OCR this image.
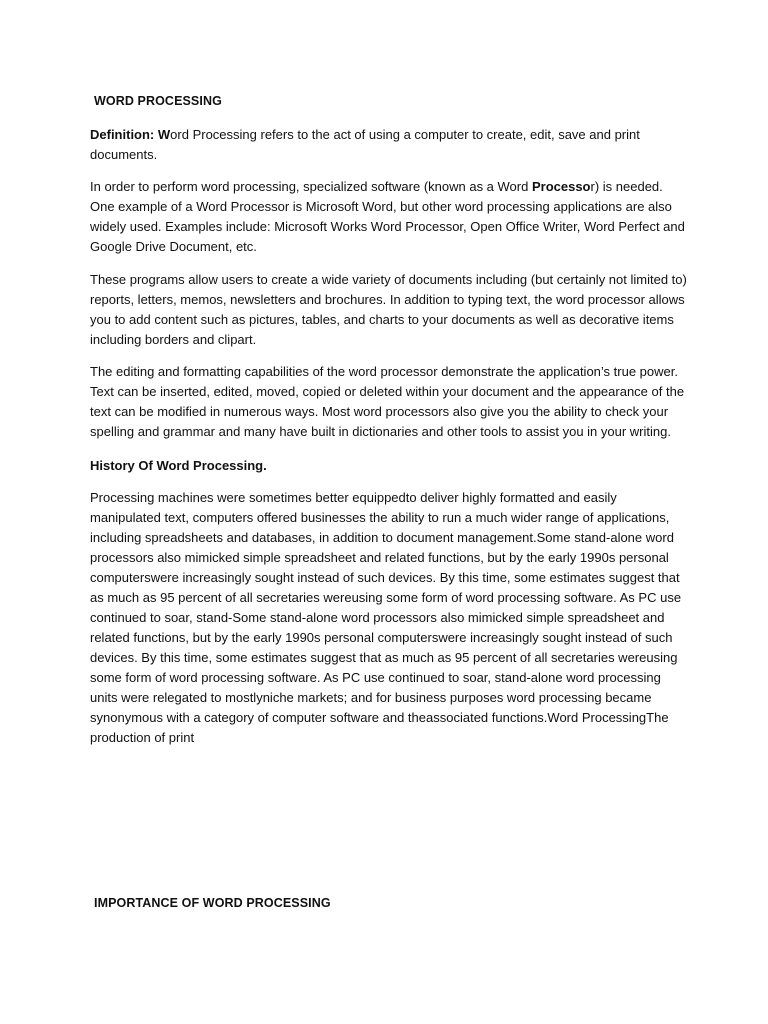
WORD PROCESSING

Definition: Word Processing refers to the act of using a computer to create, edit, save and print documents.

In order to perform word processing, specialized software (known as a Word Processor) is needed. One example of a Word Processor is Microsoft Word, but other word processing applications are also widely used. Examples include: Microsoft Works Word Processor, Open Office Writer, Word Perfect and Google Drive Document, etc.

These programs allow users to create a wide variety of documents including (but certainly not limited to) reports, letters, memos, newsletters and brochures. In addition to typing text, the word processor allows you to add content such as pictures, tables, and charts to your documents as well as decorative items including borders and clipart.

The editing and formatting capabilities of the word processor demonstrate the application’s true power. Text can be inserted, edited, moved, copied or deleted within your document and the appearance of the text can be modified in numerous ways. Most word processors also give you the ability to check your spelling and grammar and many have built in dictionaries and other tools to assist you in your writing.

History Of Word Processing.

Processing machines were sometimes better equippedto deliver highly formatted and easily manipulated text, computers offered businesses the ability to run a much wider range of applications, including spreadsheets and databases, in addition to document management.Some stand-alone word processors also mimicked simple spreadsheet and related functions, but by the early 1990s personal computerswere increasingly sought instead of such devices. By this time, some estimates suggest that as much as 95 percent of all secretaries wereusing some form of word processing software. As PC use continued to soar, stand-Some stand-alone word processors also mimicked simple spreadsheet and related functions, but by the early 1990s personal computerswere increasingly sought instead of such devices. By this time, some estimates suggest that as much as 95 percent of all secretaries wereusing some form of word processing software. As PC use continued to soar, stand-alone word processing units were relegated to mostlyniche markets; and for business purposes word processing became synonymous with a category of computer software and theassociated functions.Word ProcessingThe production of print

IMPORTANCE OF WORD PROCESSING
